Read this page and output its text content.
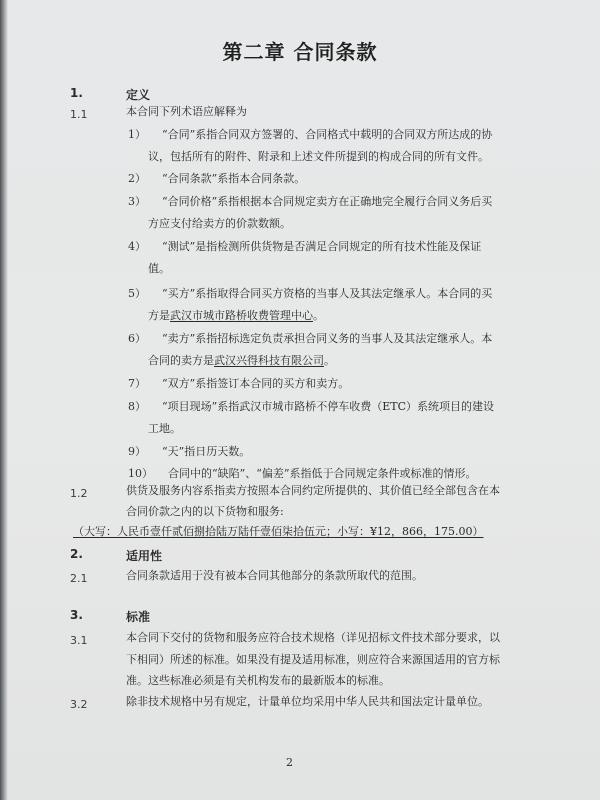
第二章 合同条款
1.	定义
1.1	本合同下列术语应解释为
1） “合同”系指合同双方签署的、合同格式中载明的合同双方所达成的协
议，包括所有的附件、附录和上述文件所提到的构成合同的所有文件。
2） “合同条款”系指本合同条款。
3） “合同价格”系指根据本合同规定卖方在正确地完全履行合同义务后买
方应支付给卖方的价款数额。
4） “测试”是指检测所供货物是否满足合同规定的所有技术性能及保证
值。
5） “买方”系指取得合同买方资格的当事人及其法定继承人。本合同的买
方是武汉市城市路桥收费管理中心。
6） “卖方”系指招标选定负责承担合同义务的当事人及其法定继承人。本
合同的卖方是武汉兴得科技有限公司。
7） “双方”系指签订本合同的买方和卖方。
8） “项目现场”系指武汉市城市路桥不停车收费（ETC）系统项目的建设
工地。
9） “天”指日历天数。
10） 合同中的“缺陷”、“偏差”系指低于合同规定条件或标准的情形。
1.2	供货及服务内容系指卖方按照本合同约定所提供的、其价值已经全部包含在本
合同价款之内的以下货物和服务:
（大写：人民币壹仟贰佰捌拾陆万陆仟壹佰柒拾伍元；小写：¥12，866，175.00）
2.	适用性
2.1	合同条款适用于没有被本合同其他部分的条款所取代的范围。
3.	标准
3.1	本合同下交付的货物和服务应符合技术规格（详见招标文件技术部分要求，以
下相同）所述的标准。如果没有提及适用标准，则应符合来源国适用的官方标
准。这些标准必须是有关机构发布的最新版本的标准。
3.2	除非技术规格中另有规定，计量单位均采用中华人民共和国法定计量单位。
2
